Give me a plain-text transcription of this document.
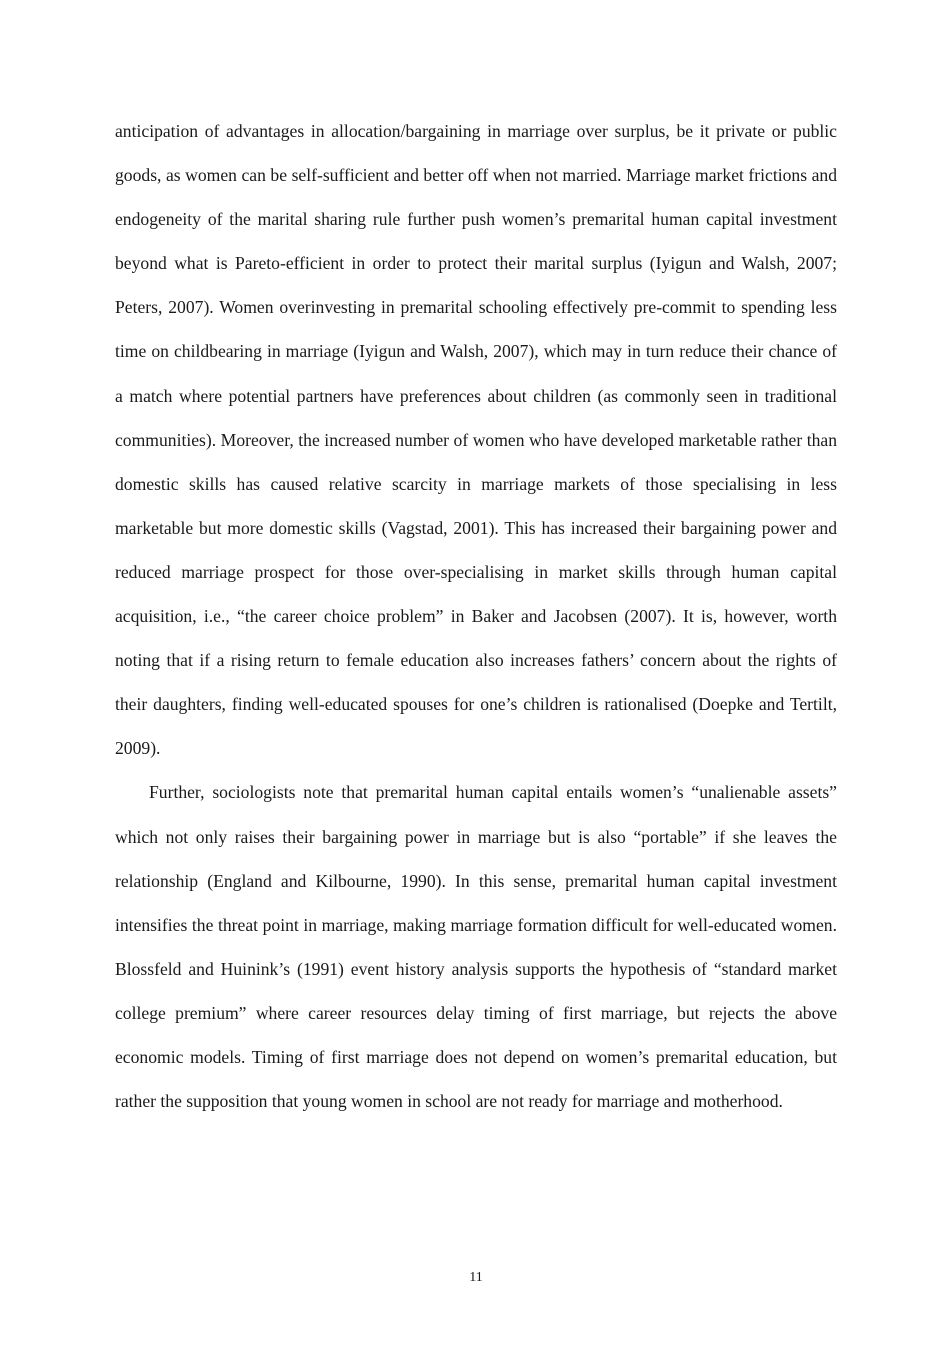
anticipation of advantages in allocation/bargaining in marriage over surplus, be it private or public goods, as women can be self-sufficient and better off when not married. Marriage market frictions and endogeneity of the marital sharing rule further push women’s premarital human capital investment beyond what is Pareto-efficient in order to protect their marital surplus (Iyigun and Walsh, 2007; Peters, 2007). Women overinvesting in premarital schooling effectively pre-commit to spending less time on childbearing in marriage (Iyigun and Walsh, 2007), which may in turn reduce their chance of a match where potential partners have preferences about children (as commonly seen in traditional communities). Moreover, the increased number of women who have developed marketable rather than domestic skills has caused relative scarcity in marriage markets of those specialising in less marketable but more domestic skills (Vagstad, 2001). This has increased their bargaining power and reduced marriage prospect for those over-specialising in market skills through human capital acquisition, i.e., “the career choice problem” in Baker and Jacobsen (2007). It is, however, worth noting that if a rising return to female education also increases fathers’ concern about the rights of their daughters, finding well-educated spouses for one’s children is rationalised (Doepke and Tertilt, 2009).

Further, sociologists note that premarital human capital entails women’s “unalienable assets” which not only raises their bargaining power in marriage but is also “portable” if she leaves the relationship (England and Kilbourne, 1990). In this sense, premarital human capital investment intensifies the threat point in marriage, making marriage formation difficult for well-educated women. Blossfeld and Huinink’s (1991) event history analysis supports the hypothesis of “standard market college premium” where career resources delay timing of first marriage, but rejects the above economic models. Timing of first marriage does not depend on women’s premarital education, but rather the supposition that young women in school are not ready for marriage and motherhood.

11
